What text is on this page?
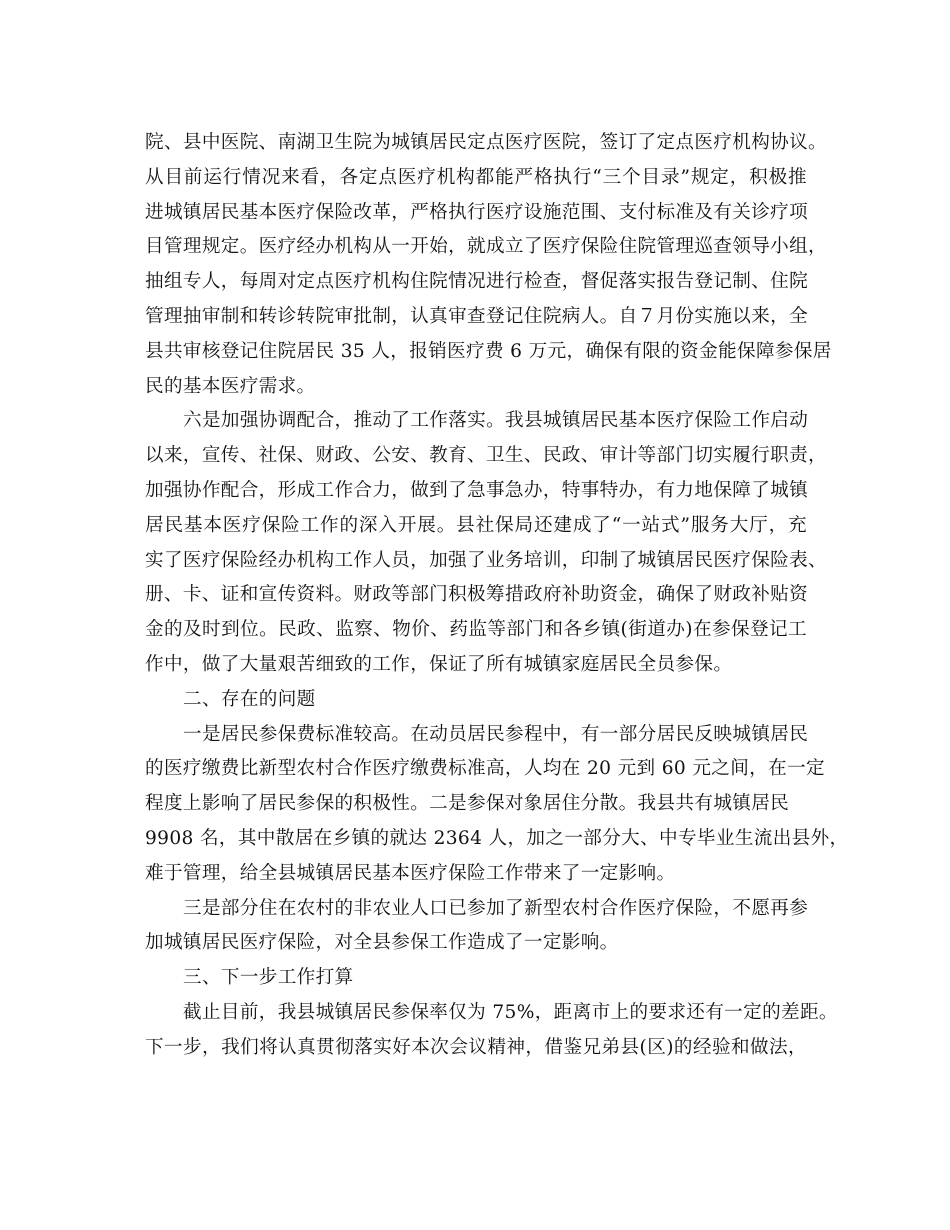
院、县中医院、南湖卫生院为城镇居民定点医疗医院，签订了定点医疗机构协议。
从目前运行情况来看，各定点医疗机构都能严格执行“三个目录”规定，积极推
进城镇居民基本医疗保险改革，严格执行医疗设施范围、支付标准及有关诊疗项
目管理规定。医疗经办机构从一开始，就成立了医疗保险住院管理巡查领导小组，
抽组专人，每周对定点医疗机构住院情况进行检查，督促落实报告登记制、住院
管理抽审制和转诊转院审批制，认真审查登记住院病人。自７月份实施以来，全
县共审核登记住院居民 35 人，报销医疗费 6 万元，确保有限的资金能保障参保居
民的基本医疗需求。
六是加强协调配合，推动了工作落实。我县城镇居民基本医疗保险工作启动
以来，宣传、社保、财政、公安、教育、卫生、民政、审计等部门切实履行职责，
加强协作配合，形成工作合力，做到了急事急办，特事特办，有力地保障了城镇
居民基本医疗保险工作的深入开展。县社保局还建成了“一站式”服务大厅，充
实了医疗保险经办机构工作人员，加强了业务培训，印制了城镇居民医疗保险表、
册、卡、证和宣传资料。财政等部门积极筹措政府补助资金，确保了财政补贴资
金的及时到位。民政、监察、物价、药监等部门和各乡镇(街道办)在参保登记工
作中，做了大量艰苦细致的工作，保证了所有城镇家庭居民全员参保。
二、存在的问题
一是居民参保费标准较高。在动员居民参程中，有一部分居民反映城镇居民
的医疗缴费比新型农村合作医疗缴费标准高，人均在 20 元到 60 元之间，在一定
程度上影响了居民参保的积极性。二是参保对象居住分散。我县共有城镇居民
9908 名，其中散居在乡镇的就达 2364 人，加之一部分大、中专毕业生流出县外，
难于管理，给全县城镇居民基本医疗保险工作带来了一定影响。
三是部分住在农村的非农业人口已参加了新型农村合作医疗保险，不愿再参
加城镇居民医疗保险，对全县参保工作造成了一定影响。
三、下一步工作打算
截止目前，我县城镇居民参保率仅为 75%，距离市上的要求还有一定的差距。
下一步，我们将认真贯彻落实好本次会议精神，借鉴兄弟县(区)的经验和做法，
